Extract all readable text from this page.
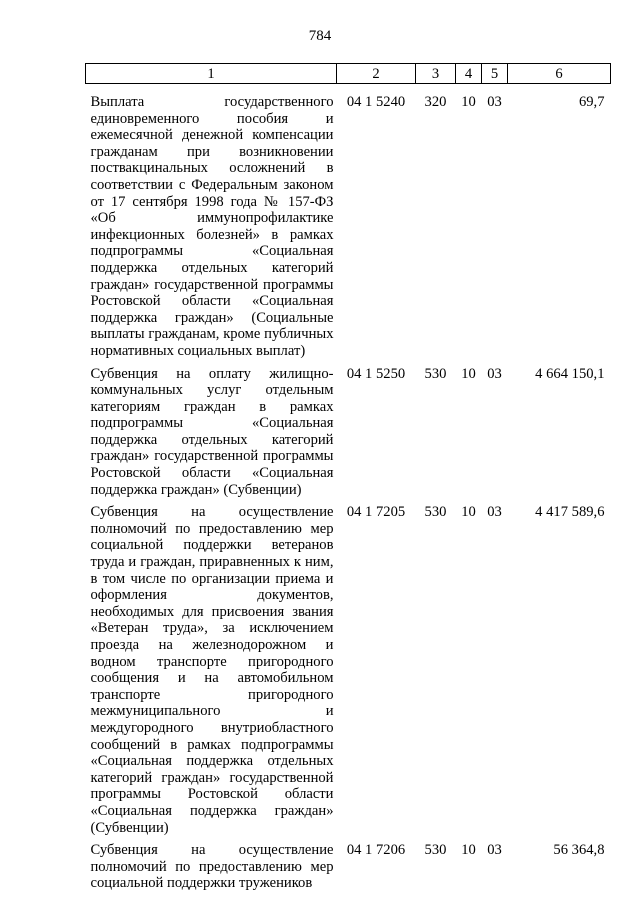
784
1	2	3	4	5	6

Выплата государственного единовременного пособия и ежемесячной денежной компенсации гражданам при возникновении поствакцинальных осложнений в соответствии с Федеральным законом от 17 сентября 1998 года № 157-ФЗ «Об иммунопрофилактике инфекционных болезней» в рамках подпрограммы «Социальная поддержка отдельных категорий граждан» государственной программы Ростовской области «Социальная поддержка граждан» (Социальные выплаты гражданам, кроме публичных нормативных социальных выплат)	04 1 5240	320	10	03	69,7
Субвенция на оплату жилищно-коммунальных услуг отдельным категориям граждан в рамках подпрограммы «Социальная поддержка отдельных категорий граждан» государственной программы Ростовской области «Социальная поддержка граждан» (Субвенции)	04 1 5250	530	10	03	4 664 150,1
Субвенция на осуществление полномочий по предоставлению мер социальной поддержки ветеранов труда и граждан, приравненных к ним, в том числе по организации приема и оформления документов, необходимых для присвоения звания «Ветеран труда», за исключением проезда на железнодорожном и водном транспорте пригородного сообщения и на автомобильном транспорте пригородного межмуниципального и междугородного внутриобластного сообщений в рамках подпрограммы «Социальная поддержка отдельных категорий граждан» государственной программы Ростовской области «Социальная поддержка граждан» (Субвенции)	04 1 7205	530	10	03	4 417 589,6
Субвенция на осуществление полномочий по предоставлению мер социальной поддержки тружеников	04 1 7206	530	10	03	56 364,8
